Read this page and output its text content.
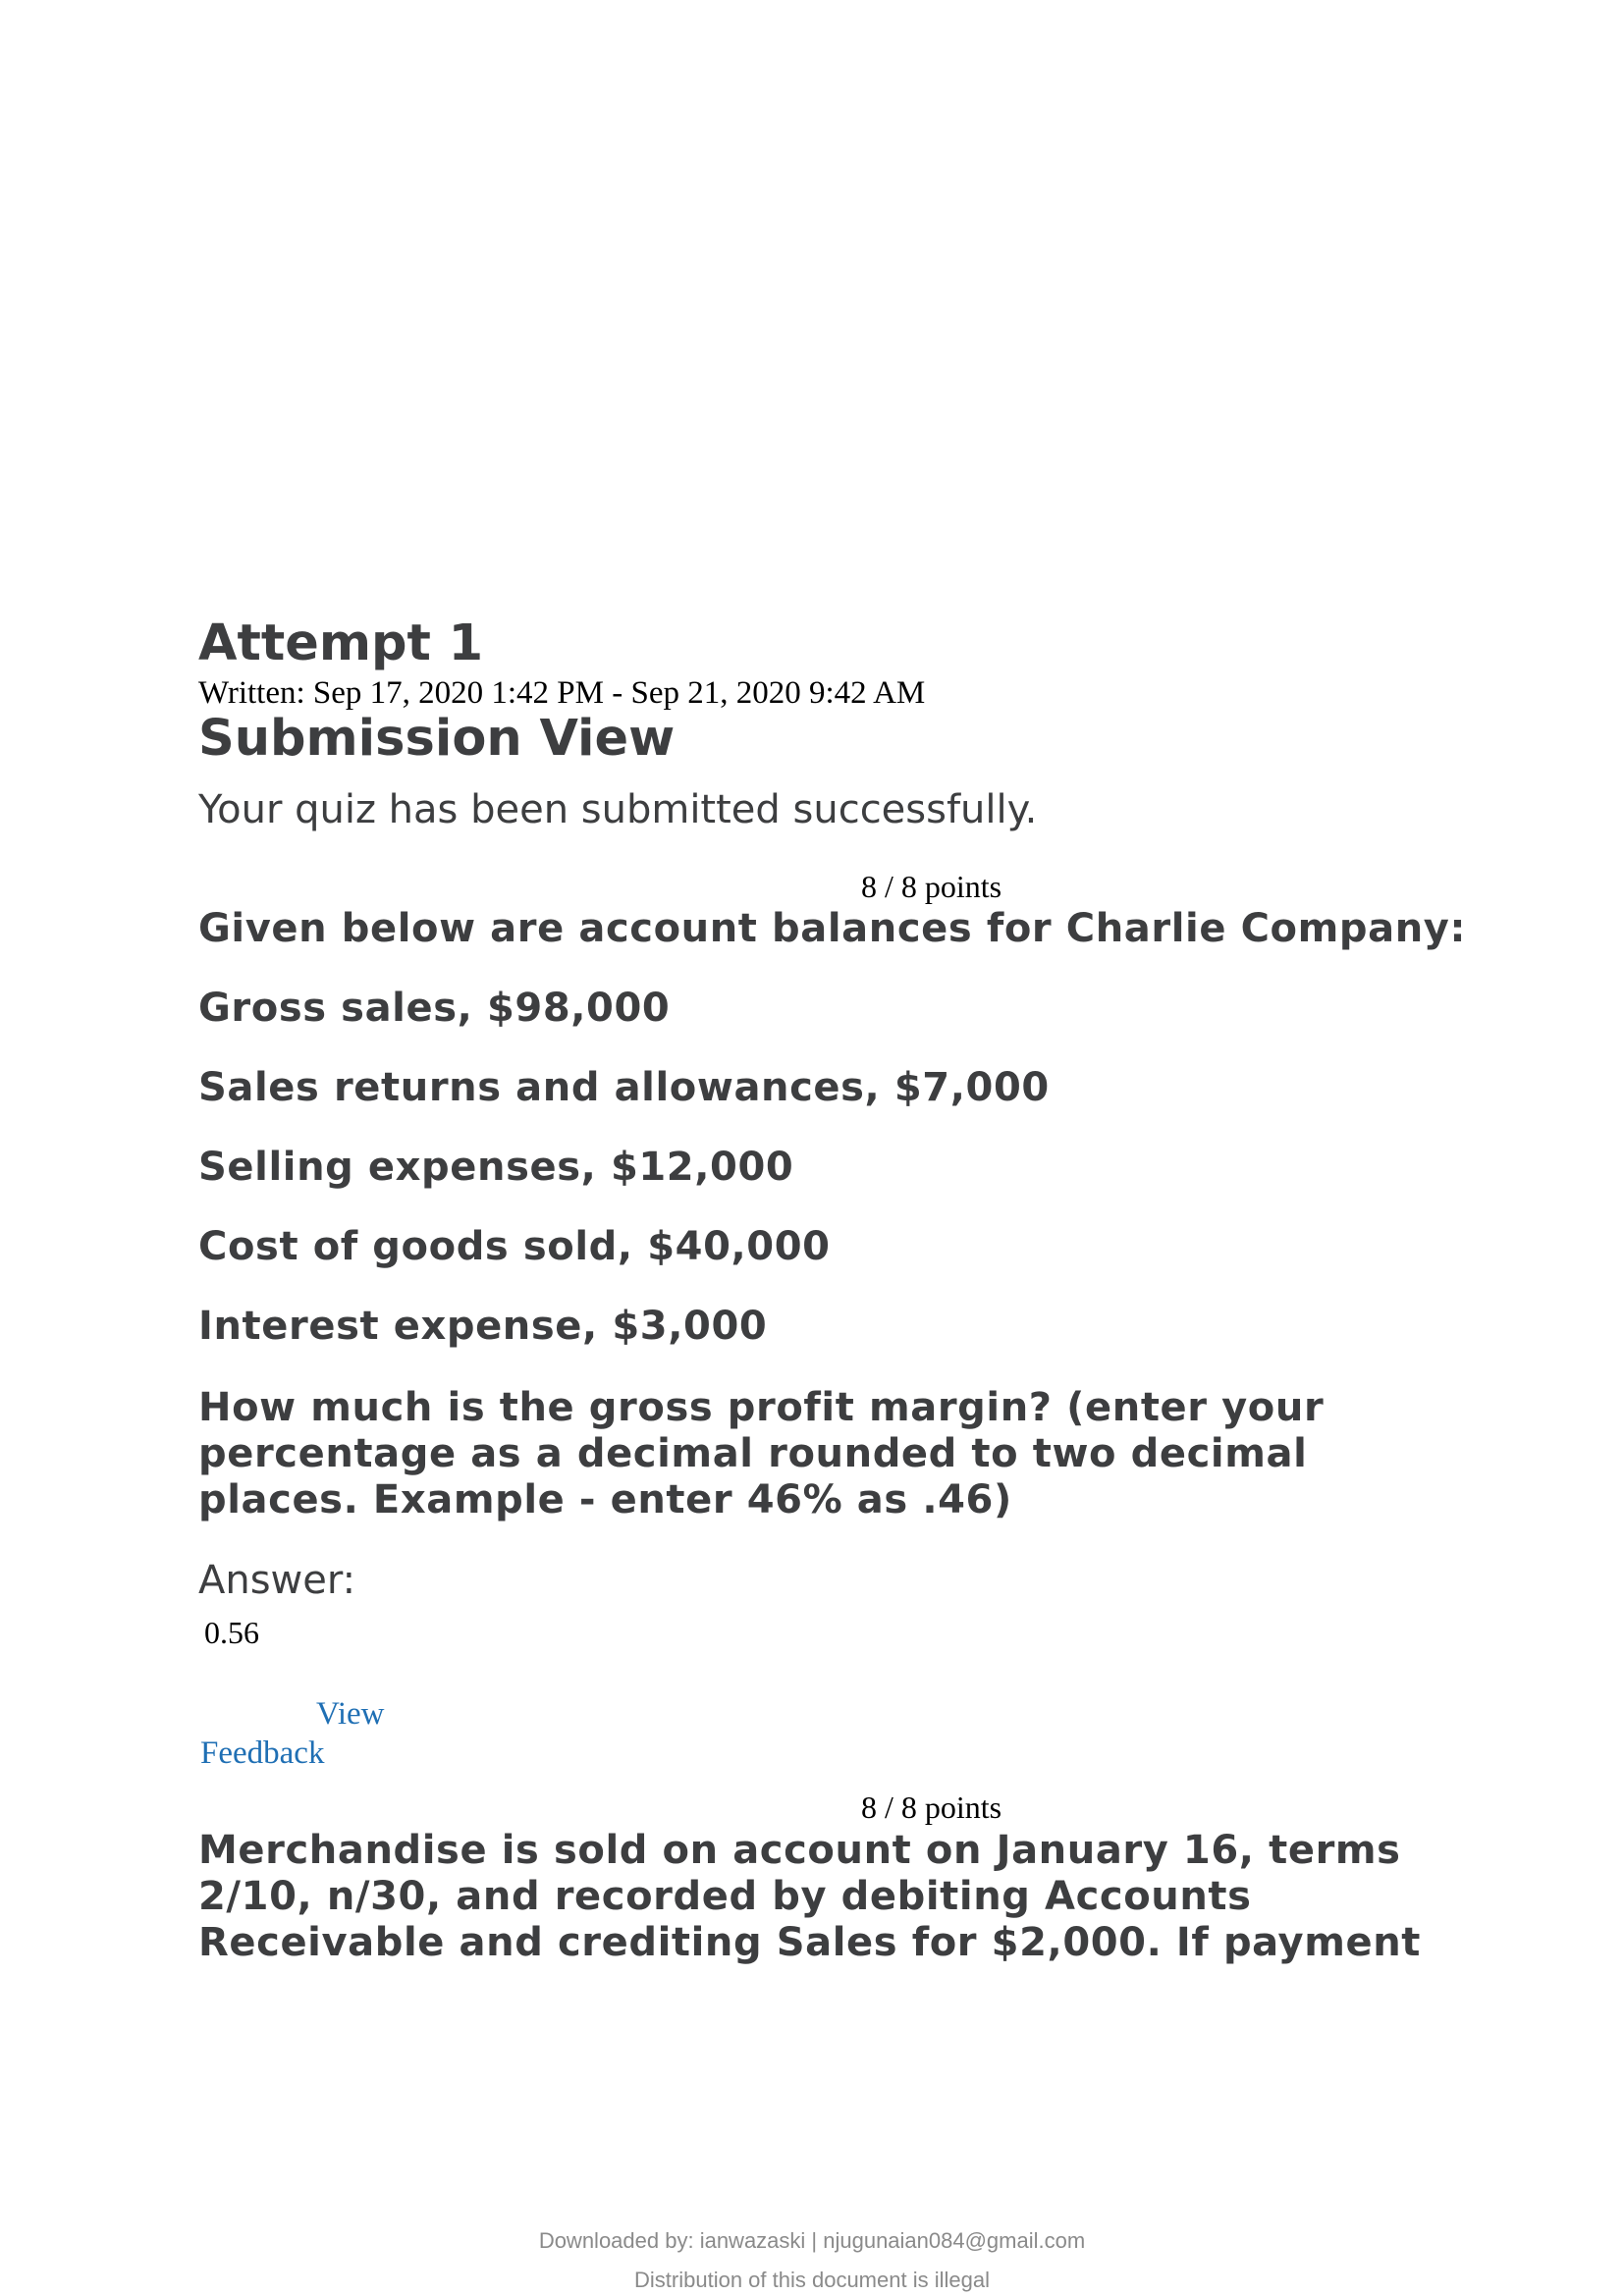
Attempt 1
Written: Sep 17, 2020 1:42 PM - Sep 21, 2020 9:42 AM
Submission View
Your quiz has been submitted successfully.
8 / 8 points
Given below are account balances for Charlie Company:
Gross sales, $98,000
Sales returns and allowances, $7,000
Selling expenses, $12,000
Cost of goods sold, $40,000
Interest expense, $3,000
How much is the gross profit margin? (enter your
percentage as a decimal rounded to two decimal
places. Example - enter 46% as .46)
Answer:
0.56
View
Feedback
8 / 8 points
Merchandise is sold on account on January 16, terms
2/10, n/30, and recorded by debiting Accounts
Receivable and crediting Sales for $2,000. If payment
Downloaded by: ianwazaski | njugunaian084@gmail.com
Distribution of this document is illegal
